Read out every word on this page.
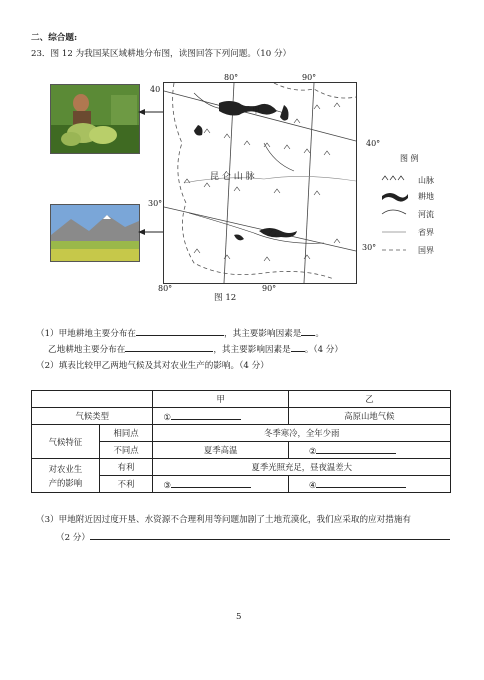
二、综合题:
23．图 12 为我国某区域耕地分布图，读图回答下列问题。（10 分）
甲
乙
昆 仑 山 脉
80°	90°
40
30°
40°
30°
80°	90°
图 12
图 例
山脉
耕地
河流
省界
国界
（1）甲地耕地主要分布在	，其主要影响因素是 。
乙地耕地主要分布在	，其主要影响因素是 。（4 分）
（2）填表比较甲乙两地气候及其对农业生产的影响。（4 分）
		甲	乙
气候类型		①	高原山地气候
气候特征	相同点	冬季寒冷，全年少雨	
	不同点	夏季高温	②
对农业生
产的影响	有利	夏季光照充足，昼夜温差大	
	不利	③	④
（3）甲地附近因过度开垦、水资源不合理利用等问题加剧了土地荒漠化，我们应采取的应对措施有
（2 分）
5
